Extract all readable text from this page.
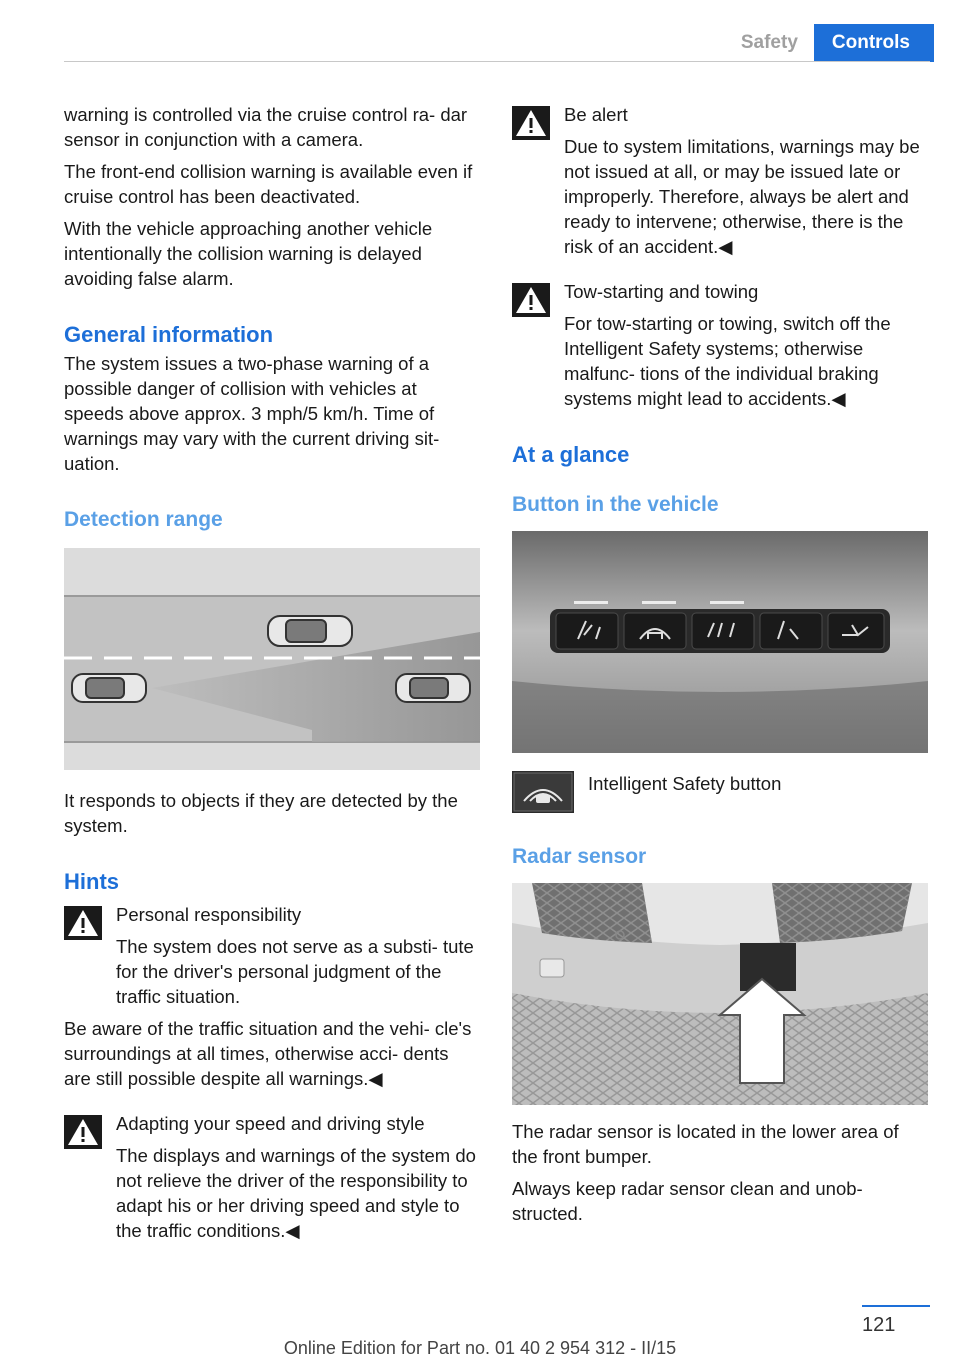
Safety	Controls

warning is controlled via the cruise control ra‐ dar sensor in conjunction with a camera.

The front-end collision warning is available even if cruise control has been deactivated.

With the vehicle approaching another vehicle intentionally the collision warning is delayed avoiding false alarm.

General information

The system issues a two-phase warning of a possible danger of collision with vehicles at speeds above approx. 3 mph/5 km/h. Time of warnings may vary with the current driving sit‐ uation.

Detection range

It responds to objects if they are detected by the system.

Hints

Personal responsibility

The system does not serve as a substi‐ tute for the driver's personal judgment of the traffic situation.

Be aware of the traffic situation and the vehi‐ cle's surroundings at all times, otherwise acci‐ dents are still possible despite all warnings.◀

Adapting your speed and driving style

The displays and warnings of the system do not relieve the driver of the responsibility to adapt his or her driving speed and style to the traffic conditions.◀

Be alert

Due to system limitations, warnings may be not issued at all, or may be issued late or improperly. Therefore, always be alert and ready to intervene; otherwise, there is the risk of an accident.◀

Tow-starting and towing

For tow-starting or towing, switch off the Intelligent Safety systems; otherwise malfunc‐ tions of the individual braking systems might lead to accidents.◀

At a glance
Button in the vehicle

Intelligent Safety button

Radar sensor

The radar sensor is located in the lower area of the front bumper.

Always keep radar sensor clean and unob‐ structed.

121
Online Edition for Part no. 01 40 2 954 312 - II/15
